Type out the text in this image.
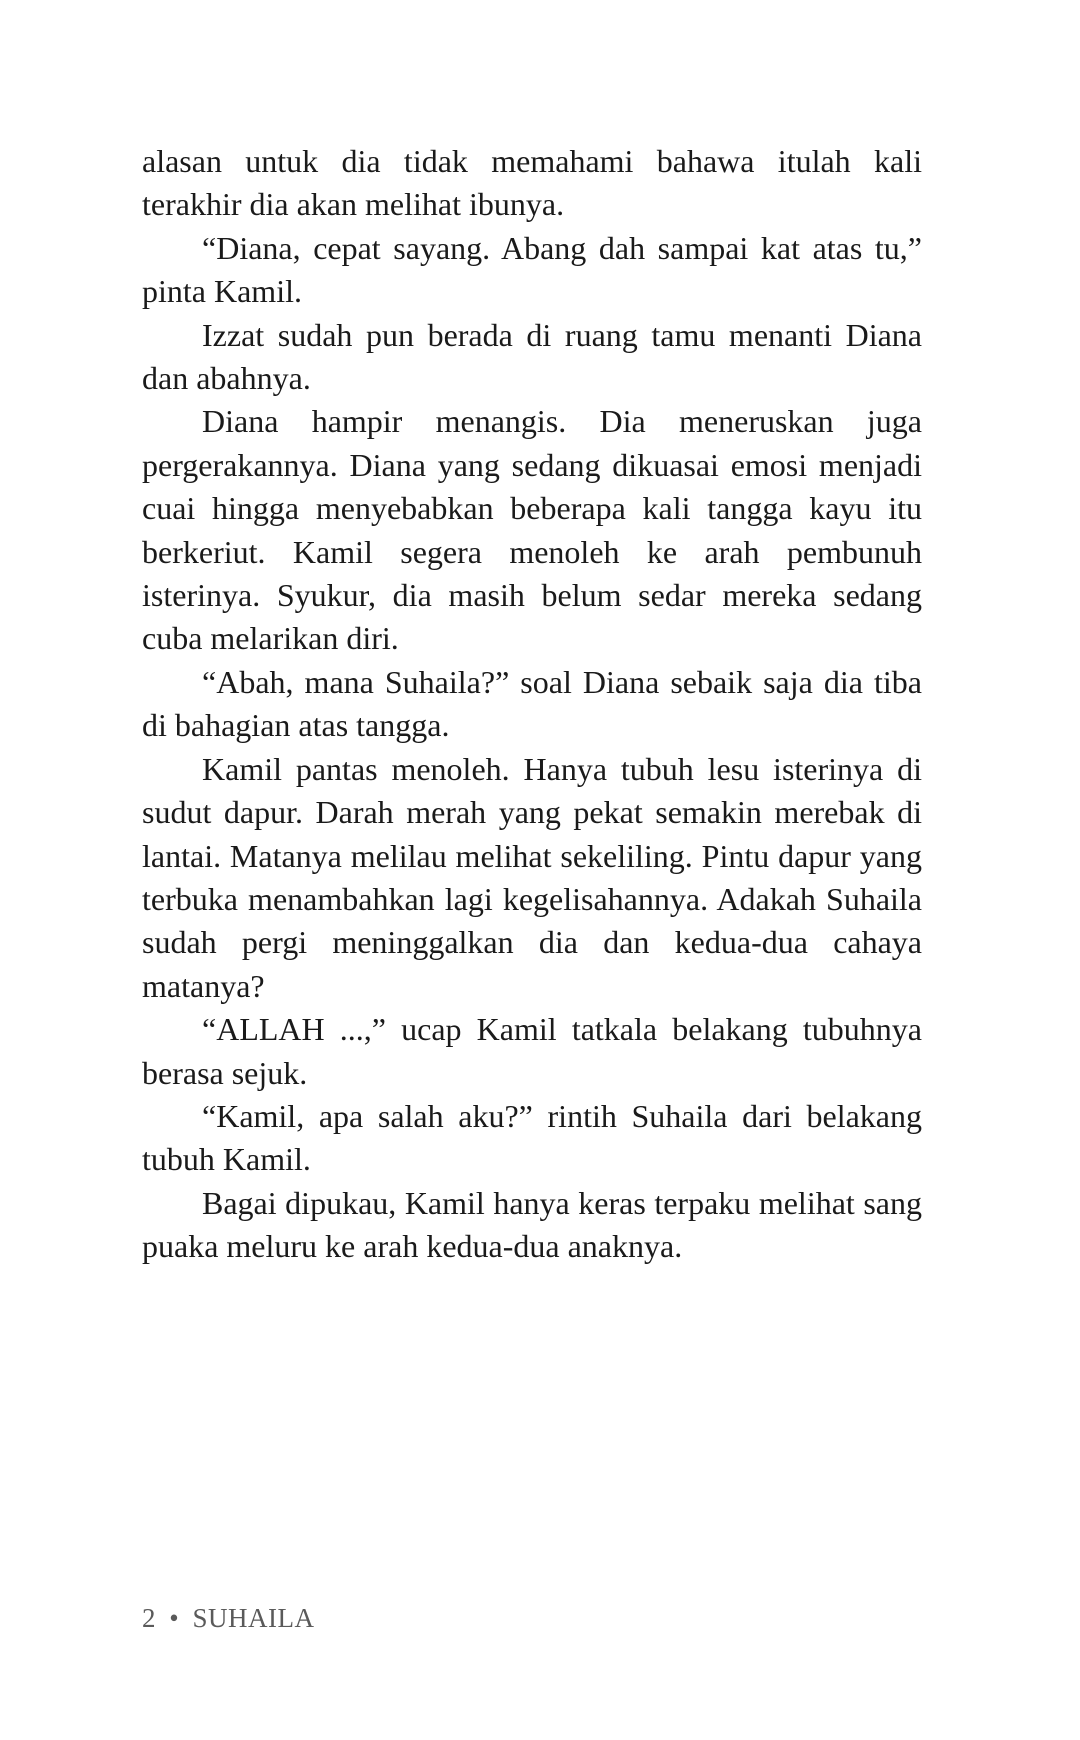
alasan untuk dia tidak memahami bahawa itulah kali terakhir dia akan melihat ibunya.

“Diana, cepat sayang. Abang dah sampai kat atas tu,” pinta Kamil.

Izzat sudah pun berada di ruang tamu menanti Diana dan abahnya.

Diana hampir menangis. Dia meneruskan juga pergerakannya. Diana yang sedang dikuasai emosi menjadi cuai hingga menyebabkan beberapa kali tangga kayu itu berkeriut. Kamil segera menoleh ke arah pembunuh isterinya. Syukur, dia masih belum sedar mereka sedang cuba melarikan diri.

“Abah, mana Suhaila?” soal Diana sebaik saja dia tiba di bahagian atas tangga.

Kamil pantas menoleh. Hanya tubuh lesu isterinya di sudut dapur. Darah merah yang pekat semakin merebak di lantai. Matanya melilau melihat sekeliling. Pintu dapur yang terbuka menambahkan lagi kegelisahannya. Adakah Suhaila sudah pergi meninggalkan dia dan kedua-dua cahaya matanya?

“ALLAH ...,” ucap Kamil tatkala belakang tubuhnya berasa sejuk.

“Kamil, apa salah aku?” rintih Suhaila dari belakang tubuh Kamil.

Bagai dipukau, Kamil hanya keras terpaku melihat sang puaka meluru ke arah kedua-dua anaknya.

2 • SUHAILA
